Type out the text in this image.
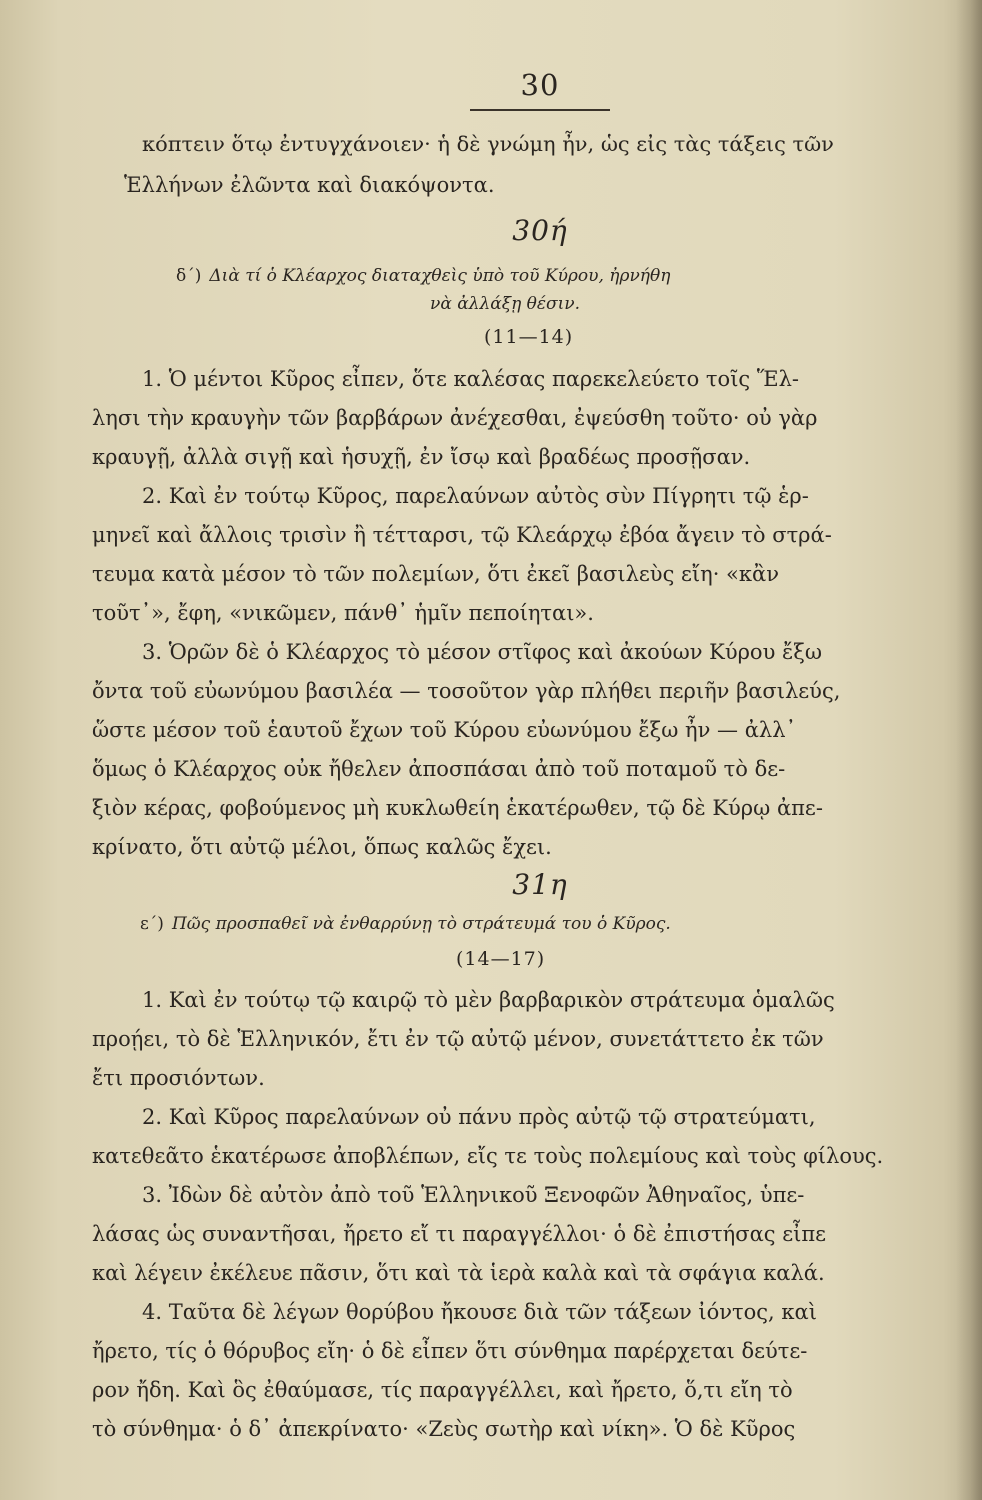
30
κόπτειν ὅτῳ ἐντυγχάνοιεν· ἡ δὲ γνώμη ἦν, ὡς εἰς τὰς τάξεις τῶν
Ἑλλήνων ἐλῶντα καὶ διακόψοντα.
30ή
δ΄) Διὰ τί ὁ Κλέαρχος διαταχθεὶς ὑπὸ τοῦ Κύρου, ἠρνήθη
νὰ ἀλλάξῃ θέσιν.
(11—14)
1. Ὁ μέντοι Κῦρος εἶπεν, ὅτε καλέσας παρεκελεύετο τοῖς Ἕλ-
λησι τὴν κραυγὴν τῶν βαρβάρων ἀνέχεσθαι, ἐψεύσθη τοῦτο· οὐ γὰρ
κραυγῇ, ἀλλὰ σιγῇ καὶ ἡσυχῇ, ἐν ἴσῳ καὶ βραδέως προσῇσαν.
2. Καὶ ἐν τούτῳ Κῦρος, παρελαύνων αὐτὸς σὺν Πίγρητι τῷ ἑρ-
μηνεῖ καὶ ἄλλοις τρισὶν ἢ τέτταρσι, τῷ Κλεάρχῳ ἐβόα ἄγειν τὸ στρά-
τευμα κατὰ μέσον τὸ τῶν πολεμίων, ὅτι ἐκεῖ βασιλεὺς εἴη· «κἂν
τοῦτ᾽», ἔφη, «νικῶμεν, πάνθ᾽ ἡμῖν πεποίηται».
3. Ὁρῶν δὲ ὁ Κλέαρχος τὸ μέσον στῖφος καὶ ἀκούων Κύρου ἔξω
ὄντα τοῦ εὐωνύμου βασιλέα — τοσοῦτον γὰρ πλήθει περιῆν βασιλεύς,
ὥστε μέσον τοῦ ἑαυτοῦ ἔχων τοῦ Κύρου εὐωνύμου ἔξω ἦν — ἀλλ᾽
ὅμως ὁ Κλέαρχος οὐκ ἤθελεν ἀποσπάσαι ἀπὸ τοῦ ποταμοῦ τὸ δε-
ξιὸν κέρας, φοβούμενος μὴ κυκλωθείη ἑκατέρωθεν, τῷ δὲ Κύρῳ ἀπε-
κρίνατο, ὅτι αὐτῷ μέλοι, ὅπως καλῶς ἔχει.
31η
ε΄) Πῶς προσπαθεῖ νὰ ἐνθαρρύνῃ τὸ στράτευμά του ὁ Κῦρος.
(14—17)
1. Καὶ ἐν τούτῳ τῷ καιρῷ τὸ μὲν βαρβαρικὸν στράτευμα ὁμαλῶς
προῄει, τὸ δὲ Ἑλληνικόν, ἔτι ἐν τῷ αὐτῷ μένον, συνετάττετο ἐκ τῶν
ἔτι προσιόντων.
2. Καὶ Κῦρος παρελαύνων οὐ πάνυ πρὸς αὐτῷ τῷ στρατεύματι,
κατεθεᾶτο ἑκατέρωσε ἀποβλέπων, εἴς τε τοὺς πολεμίους καὶ τοὺς φίλους.
3. Ἰδὼν δὲ αὐτὸν ἀπὸ τοῦ Ἑλληνικοῦ Ξενοφῶν Ἀθηναῖος, ὑπε-
λάσας ὡς συναντῆσαι, ἤρετο εἴ τι παραγγέλλοι· ὁ δὲ ἐπιστήσας εἶπε
καὶ λέγειν ἐκέλευε πᾶσιν, ὅτι καὶ τὰ ἱερὰ καλὰ καὶ τὰ σφάγια καλά.
4. Ταῦτα δὲ λέγων θορύβου ἤκουσε διὰ τῶν τάξεων ἰόντος, καὶ
ἤρετο, τίς ὁ θόρυβος εἴη· ὁ δὲ εἶπεν ὅτι σύνθημα παρέρχεται δεύτε-
ρον ἤδη. Καὶ ὃς ἐθαύμασε, τίς παραγγέλλει, καὶ ἤρετο, ὅ,τι εἴη τὸ
τὸ σύνθημα· ὁ δ᾽ ἀπεκρίνατο· «Ζεὺς σωτὴρ καὶ νίκη». Ὁ δὲ Κῦρος
